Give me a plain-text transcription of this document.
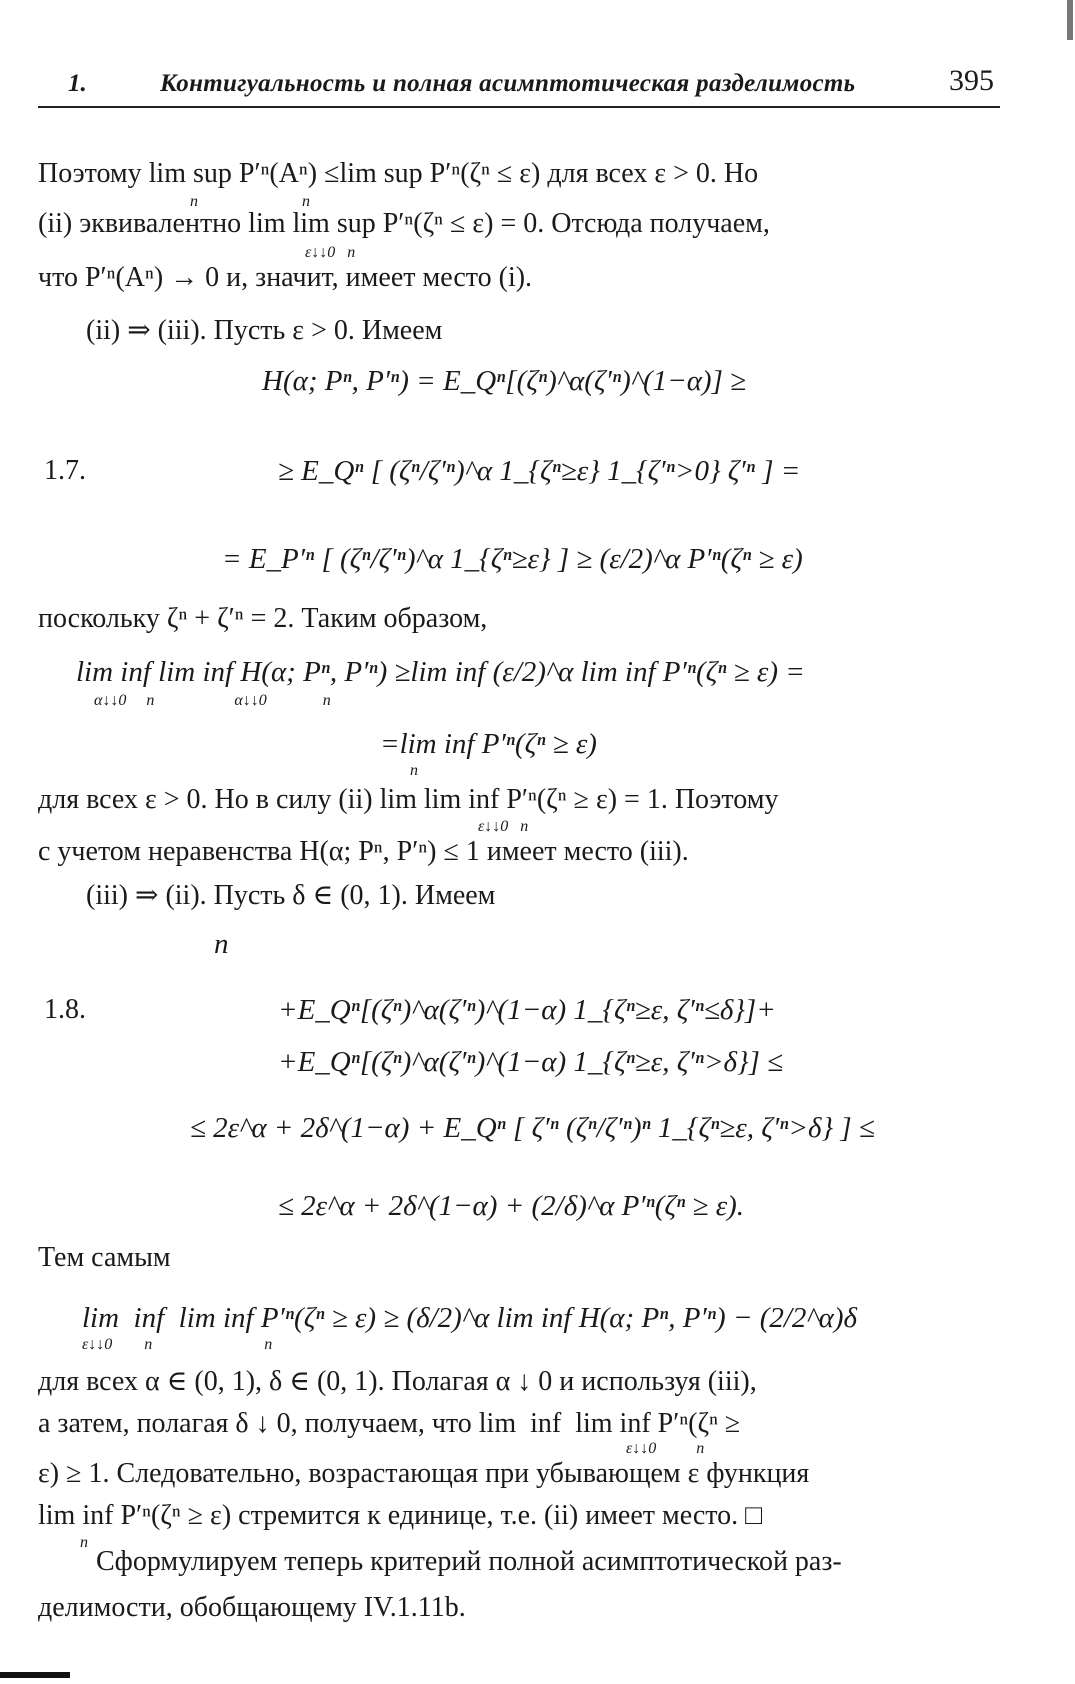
1.	Контигуальность и полная асимптотическая разделимость	395
Поэтому lim sup P′ⁿ(Aⁿ) ≤lim sup P′ⁿ(ζⁿ ≤ ε) для всех ε > 0. Но
n                          n
(ii) эквивалентно lim lim sup P′ⁿ(ζⁿ ≤ ε) = 0. Отсюда получаем,
ε↓↓0   n
что P′ⁿ(Aⁿ) → 0 и, значит, имеет место (i).
(ii) ⇒ (iii). Пусть ε > 0. Имеем
H(α; Pⁿ, P′ⁿ) = E_Qⁿ[(ζⁿ)^α(ζ′ⁿ)^(1−α)] ≥
1.7.	≥ E_Qⁿ [ (ζⁿ/ζ′ⁿ)^α 1_{ζⁿ≥ε} 1_{ζ′ⁿ>0} ζ′ⁿ ] =
= E_P′ⁿ [ (ζⁿ/ζ′ⁿ)^α 1_{ζⁿ≥ε} ] ≥ (ε/2)^α P′ⁿ(ζⁿ ≥ ε)
поскольку ζⁿ + ζ′ⁿ = 2. Таким образом,
lim inf lim inf H(α; Pⁿ, P′ⁿ) ≥lim inf (ε/2)^α lim inf P′ⁿ(ζⁿ ≥ ε) =
α↓↓0     n                    α↓↓0              n
=lim inf P′ⁿ(ζⁿ ≥ ε)
n
для всех ε > 0. Но в силу (ii) lim lim inf P′ⁿ(ζⁿ ≥ ε) = 1. Поэтому
ε↓↓0   n
с учетом неравенства H(α; Pⁿ, P′ⁿ) ≤ 1 имеет место (iii).
(iii) ⇒ (ii). Пусть δ ∈ (0, 1). Имеем
n
1.8.	+E_Qⁿ[(ζⁿ)^α(ζ′ⁿ)^(1−α) 1_{ζⁿ≥ε, ζ′ⁿ≤δ}]+
+E_Qⁿ[(ζⁿ)^α(ζ′ⁿ)^(1−α) 1_{ζⁿ≥ε, ζ′ⁿ>δ}] ≤
≤ 2ε^α + 2δ^(1−α) + E_Qⁿ [ ζ′ⁿ (ζⁿ/ζ′ⁿ)ⁿ 1_{ζⁿ≥ε, ζ′ⁿ>δ} ] ≤
≤ 2ε^α + 2δ^(1−α) + (2/δ)^α P′ⁿ(ζⁿ ≥ ε).
Тем самым
lim  inf  lim inf P′ⁿ(ζⁿ ≥ ε) ≥ (δ/2)^α lim inf H(α; Pⁿ, P′ⁿ) − (2/2^α)δ
ε↓↓0        n                            n
для всех α ∈ (0, 1), δ ∈ (0, 1). Полагая α ↓ 0 и используя (iii),
а затем, полагая δ ↓ 0, получаем, что lim  inf  lim inf P′ⁿ(ζⁿ ≥
ε↓↓0          n
ε) ≥ 1. Следовательно, возрастающая при убывающем ε функция
lim inf P′ⁿ(ζⁿ ≥ ε) стремится к единице, т.е. (ii) имеет место. □
n
Сформулируем теперь критерий полной асимптотической раз-
делимости, обобщающему IV.1.11b.
